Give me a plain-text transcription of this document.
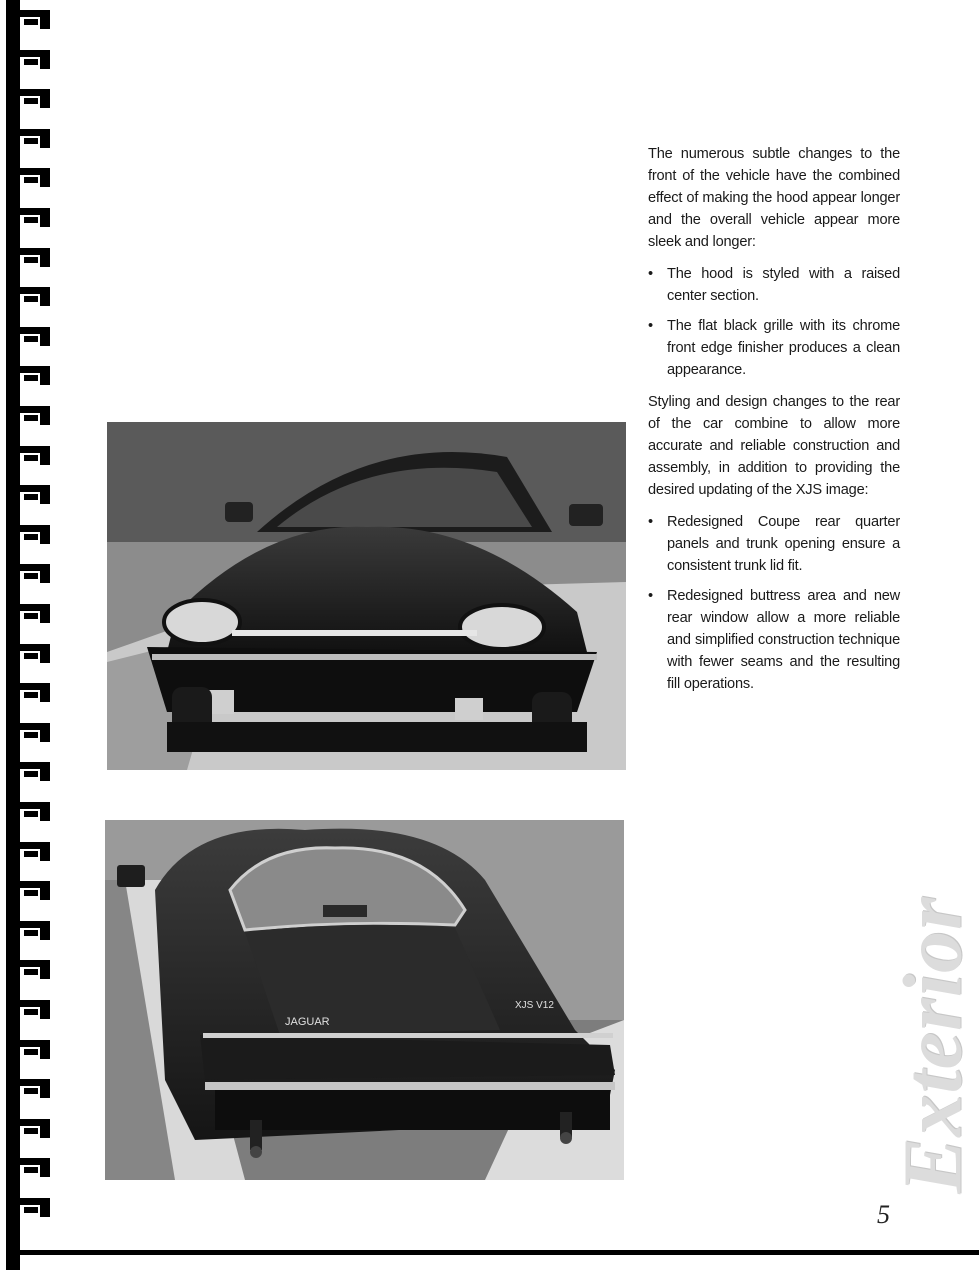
JAGUAR
XJS V12

The numerous subtle changes to the front of the vehicle have the combined effect of making the hood appear longer and the overall vehicle appear more sleek and longer:

• The hood is styled with a raised center section.
• The flat black grille with its chrome front edge finisher produces a clean appearance.

Styling and design changes to the rear of the car combine to allow more accurate and reliable construction and assembly, in addition to providing the desired updating of the XJS image:

• Redesigned Coupe rear quarter panels and trunk opening ensure a consistent trunk lid fit.
• Redesigned buttress area and new rear window allow a more reliable and simplified construction technique with fewer seams and the resulting fill operations.
Exterior
5
